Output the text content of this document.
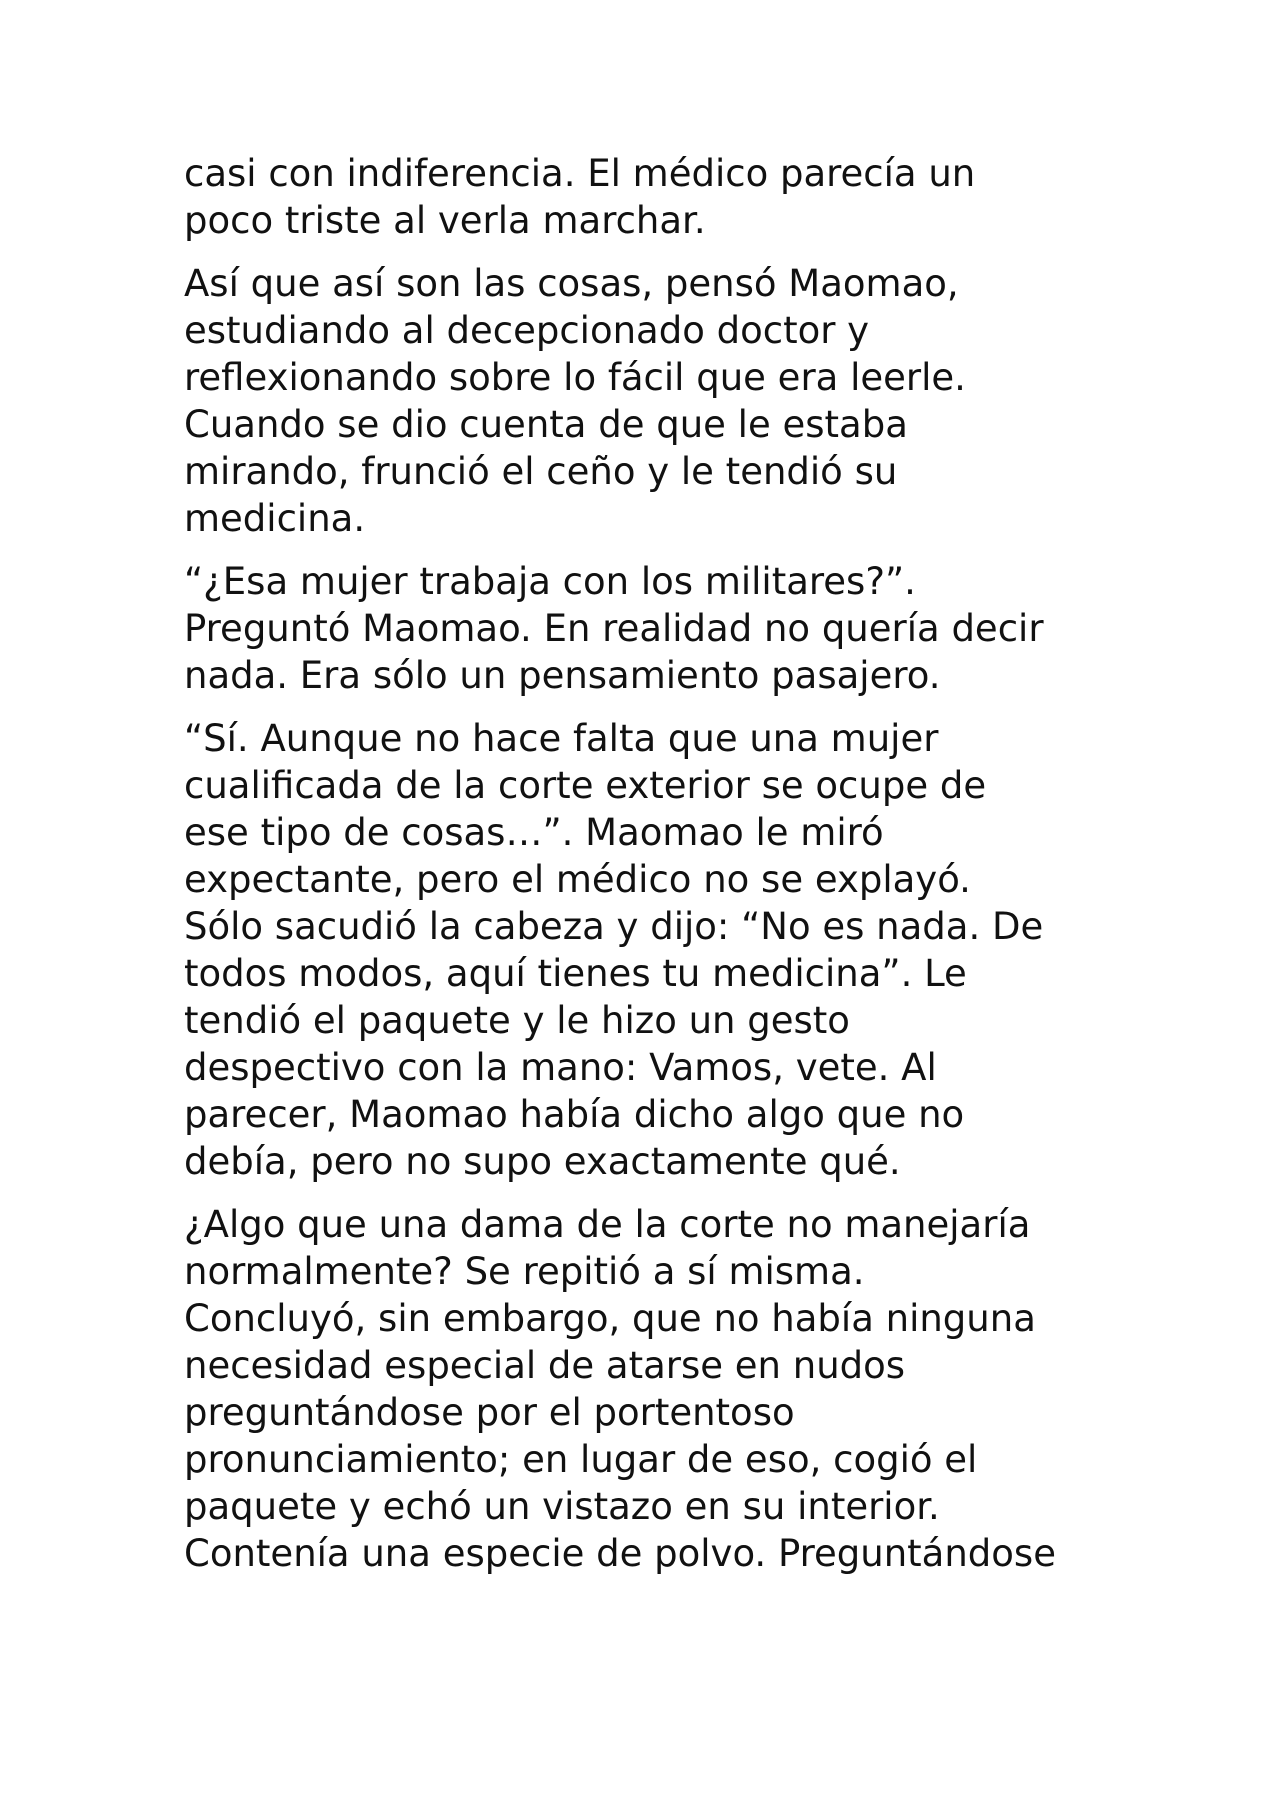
casi con indiferencia. El médico parecía un
poco triste al verla marchar.

Así que así son las cosas, pensó Maomao,
estudiando al decepcionado doctor y
reflexionando sobre lo fácil que era leerle.
Cuando se dio cuenta de que le estaba
mirando, frunció el ceño y le tendió su
medicina.

“¿Esa mujer trabaja con los militares?”.
Preguntó Maomao. En realidad no quería decir
nada. Era sólo un pensamiento pasajero.

“Sí. Aunque no hace falta que una mujer
cualificada de la corte exterior se ocupe de
ese tipo de cosas…”. Maomao le miró
expectante, pero el médico no se explayó.
Sólo sacudió la cabeza y dijo: “No es nada. De
todos modos, aquí tienes tu medicina”. Le
tendió el paquete y le hizo un gesto
despectivo con la mano: Vamos, vete. Al
parecer, Maomao había dicho algo que no
debía, pero no supo exactamente qué.

¿Algo que una dama de la corte no manejaría
normalmente? Se repitió a sí misma.
Concluyó, sin embargo, que no había ninguna
necesidad especial de atarse en nudos
preguntándose por el portentoso
pronunciamiento; en lugar de eso, cogió el
paquete y echó un vistazo en su interior.
Contenía una especie de polvo. Preguntándose
